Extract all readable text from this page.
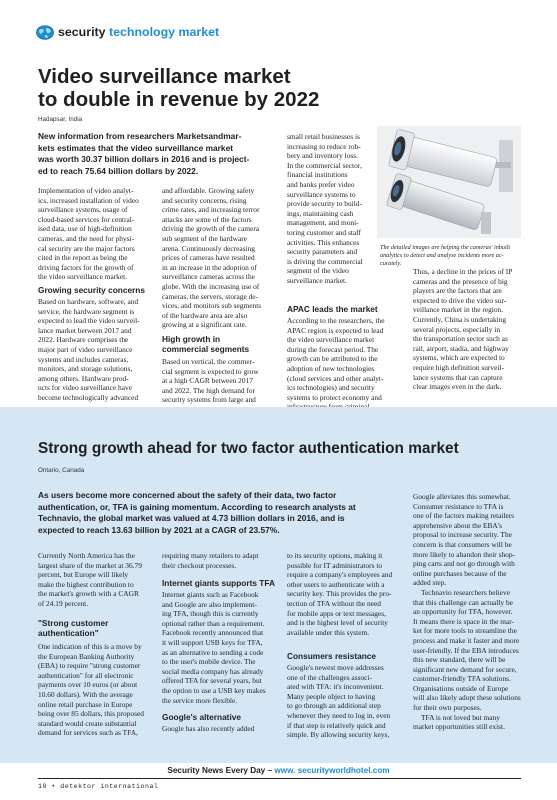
security technology market
Video surveillance market
to double in revenue by 2022
Hadapsar, India
New information from researchers Marketsandmar-
kets estimates that the video surveillance market
was worth 30.37 billion dollars in 2016 and is project-
ed to reach 75.64 billion dollars by 2022.
Implementation of video analyt-
ics, increased installation of video
surveillance systems, usage of
cloud-based services for central-
ised data, use of high-definition
cameras, and the need for physi-
cal security are the major factors
cited in the report as being the
driving factors for the growth of
the video surveillance market.
Growing security concerns
Based on hardware, software, and
service, the hardware segment is
expected to lead the video surveil-
lance market between 2017 and
2022. Hardware comprises the
major part of video surveillance
systems and includes cameras,
monitors, and storage solutions,
among others. Hardware prod-
ucts for video surveillance have
become technologically advanced
and affordable. Growing safety
and security concerns, rising
crime rates, and increasing terror
attacks are some of the factors
driving the growth of the camera
sub segment of the hardware
arena. Continuously decreasing
prices of cameras have resulted
in an increase in the adoption of
surveillance cameras across the
globe. With the increasing use of
cameras, the servers, storage de-
vices, and monitors sub segments
of the hardware area are also
growing at a significant rate.
High growth in
commercial segments
Based on vertical, the commer-
cial segment is expected to grow
at a high CAGR between 2017
and 2022. The high demand for
security systems from large and
small retail businesses is
increasing to reduce rob-
bery and inventory loss.
In the commercial sector,
financial institutions
and banks prefer video
surveillance systems to
provide security to build-
ings, maintaining cash
management, and moni-
toring customer and staff
activities. This enhances
security parameters and
is driving the commercial
segment of the video
surveillance market.
APAC leads the market
According to the researchers, the
APAC region is expected to lead
the video surveillance market
during the forecast period. The
growth can be attributed to the
adoption of new technologies
(cloud services and other analyt-
ics technologies) and security
systems to protect economy and
The detailed images are helping the cameras' inbuilt
analytics to detect and analyse incidents more ac-
curately.
Thus, a decline in the prices of IP
cameras and the presence of big
players are the factors that are
expected to drive the video sur-
veillance market in the region.
Currently, China is undertaking
several projects, especially in
the transportation sector such as
rail, airport, stadia, and highway
systems, which are expected to
require high definition surveil-
lance systems that can capture
clear images even in the dark.
Strong growth ahead for two factor authentication market
Ontario, Canada
As users become more concerned about the safety of their data, two factor
authentication, or, TFA is gaining momentum. According to research analysts at
Technavio, the global market was valued at 4.73 billion dollars in 2016, and is
expected to reach 13.63 billion by 2021 at a CAGR of 23.57%.
Currently North America has the
largest share of the market at 36.79
percent, but Europe will likely
make the highest contribution to
the market's growth with a CAGR
of 24.19 percent.
"Strong customer
authentication"
One indication of this is a move by
the European Banking Authority
(EBA) to require "strong customer
authentication" for all electronic
payments over 10 euros (or about
10.60 dollars). With the average
online retail purchase in Europe
being over 85 dollars, this proposed
standard would create substantial
demand for services such as TFA,
requiring many retailers to adapt
their checkout processes.
Internet giants supports TFA
Internet giants such as Facebook
and Google are also implement-
ing TFA, though this is currently
optional rather than a requirement.
Facebook recently announced that
it will support USB keys for TFA,
as an alternative to sending a code
to the user's mobile device. The
social media company has already
offered TFA for several years, but
the option to use a USB key makes
the service more flexible.
Google's alternative
Google has also recently added
to its security options, making it
possible for IT administrators to
require a company's employees and
other users to authenticate with a
security key. This provides the pro-
tection of TFA without the need
for mobile apps or text messages,
and is the highest level of security
available under this system.
Consumers resistance
Google's newest move addresses
one of the challenges associ-
ated with TFA: it's inconvenient.
Many people object to having
to go through an additional step
whenever they need to log in, even
if that step is relatively quick and
simple. By allowing security keys,
Google alleviates this somewhat.
Consumer resistance to TFA is
one of the factors making retailers
apprehensive about the EBA's
proposal to increase security. The
concern is that consumers will be
more likely to abandon their shop-
ping carts and not go through with
online purchases because of the
added step.
Technavio researchers believe
that this challenge can actually be
an opportunity for TFA, however.
It means there is space in the mar-
ket for more tools to streamline the
process and make it faster and more
user-friendly. If the EBA introduces
this new standard, there will be
significant new demand for secure,
customer-friendly TFA solutions.
Organisations outside of Europe
will also likely adopt these solutions
for their own purposes.
TFA is not loved but many
market opportunities still exist.
Security News Every Day – www. securityworldhotel.com
10 • detektor international
